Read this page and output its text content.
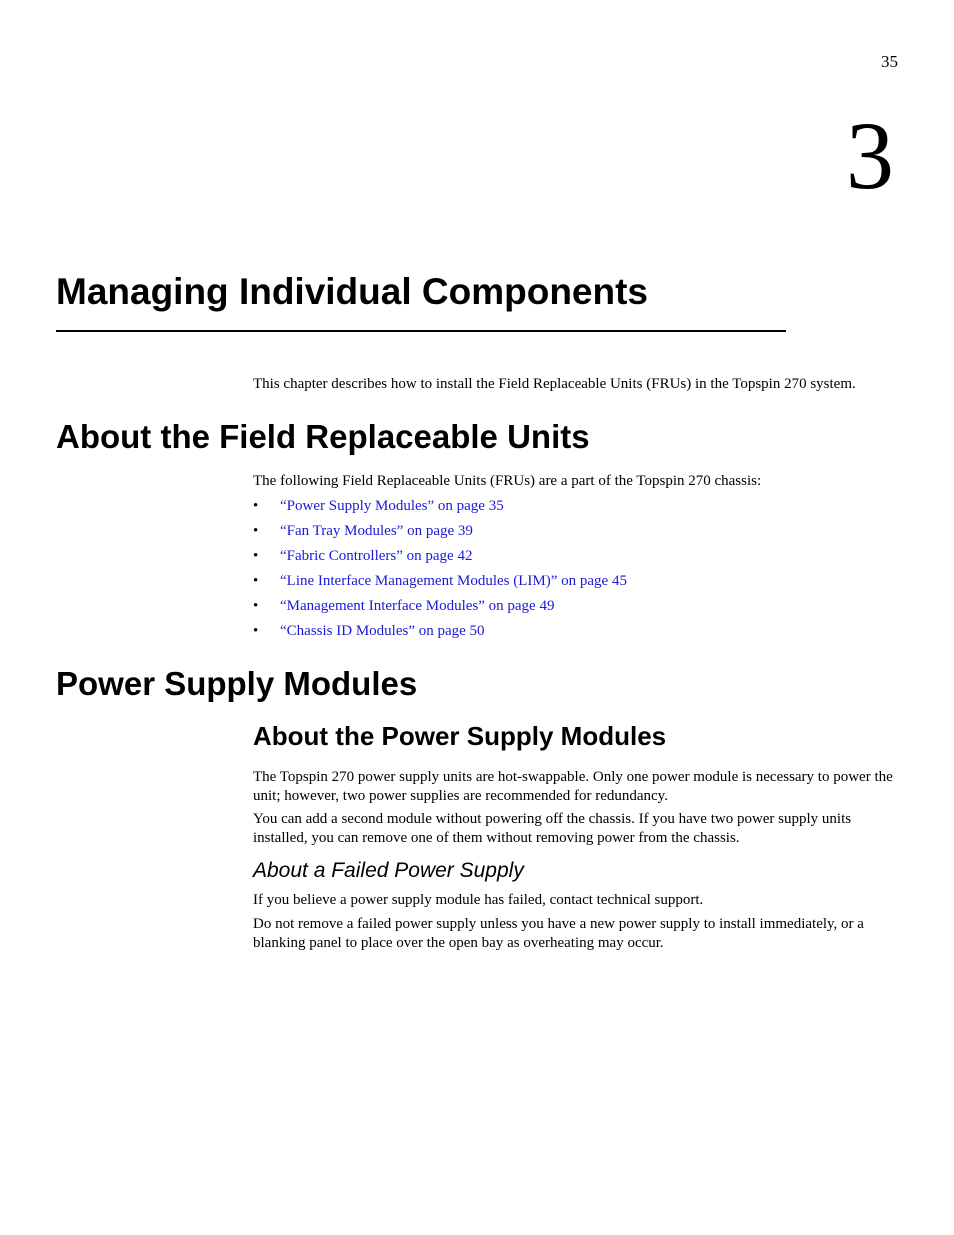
35
3
Managing Individual Components

This chapter describes how to install the Field Replaceable Units (FRUs) in the Topspin 270 system.

About the Field Replaceable Units

The following Field Replaceable Units (FRUs) are a part of the Topspin 270 chassis:

• “Power Supply Modules” on page 35
• “Fan Tray Modules” on page 39
• “Fabric Controllers” on page 42
• “Line Interface Management Modules (LIM)” on page 45
• “Management Interface Modules” on page 49
• “Chassis ID Modules” on page 50
Power Supply Modules
About the Power Supply Modules

The Topspin 270 power supply units are hot-swappable. Only one power module is necessary to power the unit; however, two power supplies are recommended for redundancy.

You can add a second module without powering off the chassis. If you have two power supply units installed, you can remove one of them without removing power from the chassis.

About a Failed Power Supply

If you believe a power supply module has failed, contact technical support.

Do not remove a failed power supply unless you have a new power supply to install immediately, or a blanking panel to place over the open bay as overheating may occur.
